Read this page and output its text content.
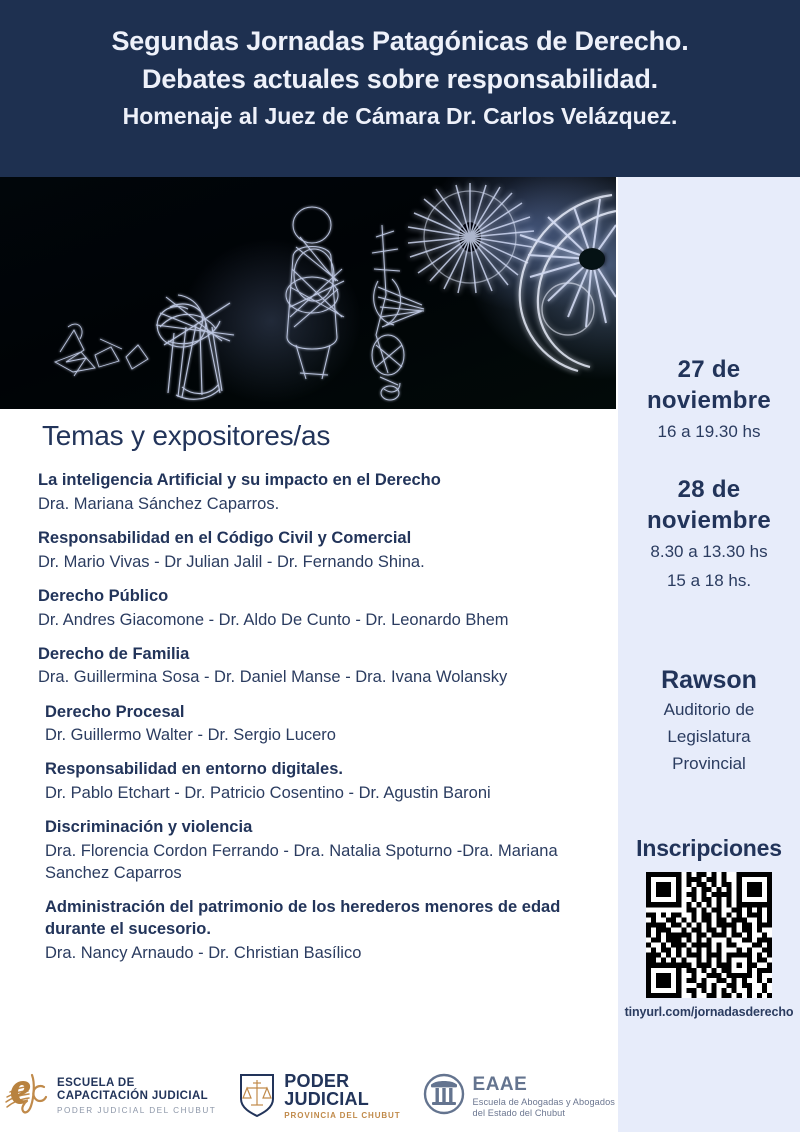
Segundas Jornadas Patagónicas de Derecho.
Debates actuales sobre responsabilidad.
Homenaje al Juez de Cámara Dr. Carlos Velázquez.
27 de
noviembre
16 a 19.30 hs
28 de
noviembre
8.30 a 13.30 hs
15 a 18 hs.
Rawson
Auditorio de
Legislatura
Provincial
Inscripciones
tinyurl.com/jornadasderecho
Temas y expositores/as
La inteligencia Artificial y su impacto en el Derecho
Dra. Mariana Sánchez Caparros.
Responsabilidad en el Código Civil y Comercial
Dr. Mario Vivas - Dr Julian Jalil - Dr. Fernando Shina.
Derecho Público
Dr. Andres Giacomone - Dr. Aldo De Cunto - Dr. Leonardo Bhem
Derecho de Familia
Dra. Guillermina Sosa - Dr. Daniel Manse - Dra. Ivana Wolansky
Derecho Procesal
Dr. Guillermo Walter - Dr. Sergio Lucero
Responsabilidad en entorno digitales.
Dr. Pablo Etchart - Dr. Patricio Cosentino - Dr. Agustin Baroni
Discriminación y violencia
Dra. Florencia Cordon Ferrando - Dra. Natalia Spoturno -Dra. Mariana Sanchez Caparros
Administración del patrimonio de los herederos menores de edad durante el sucesorio.
Dra. Nancy Arnaudo - Dr. Christian Basílico
ESCUELA DE
CAPACITACIÓN JUDICIAL
PODER JUDICIAL DEL CHUBUT
PODER
JUDICIAL
PROVINCIA DEL CHUBUT
EAAE
Escuela de Abogadas y Abogados
del Estado del Chubut
